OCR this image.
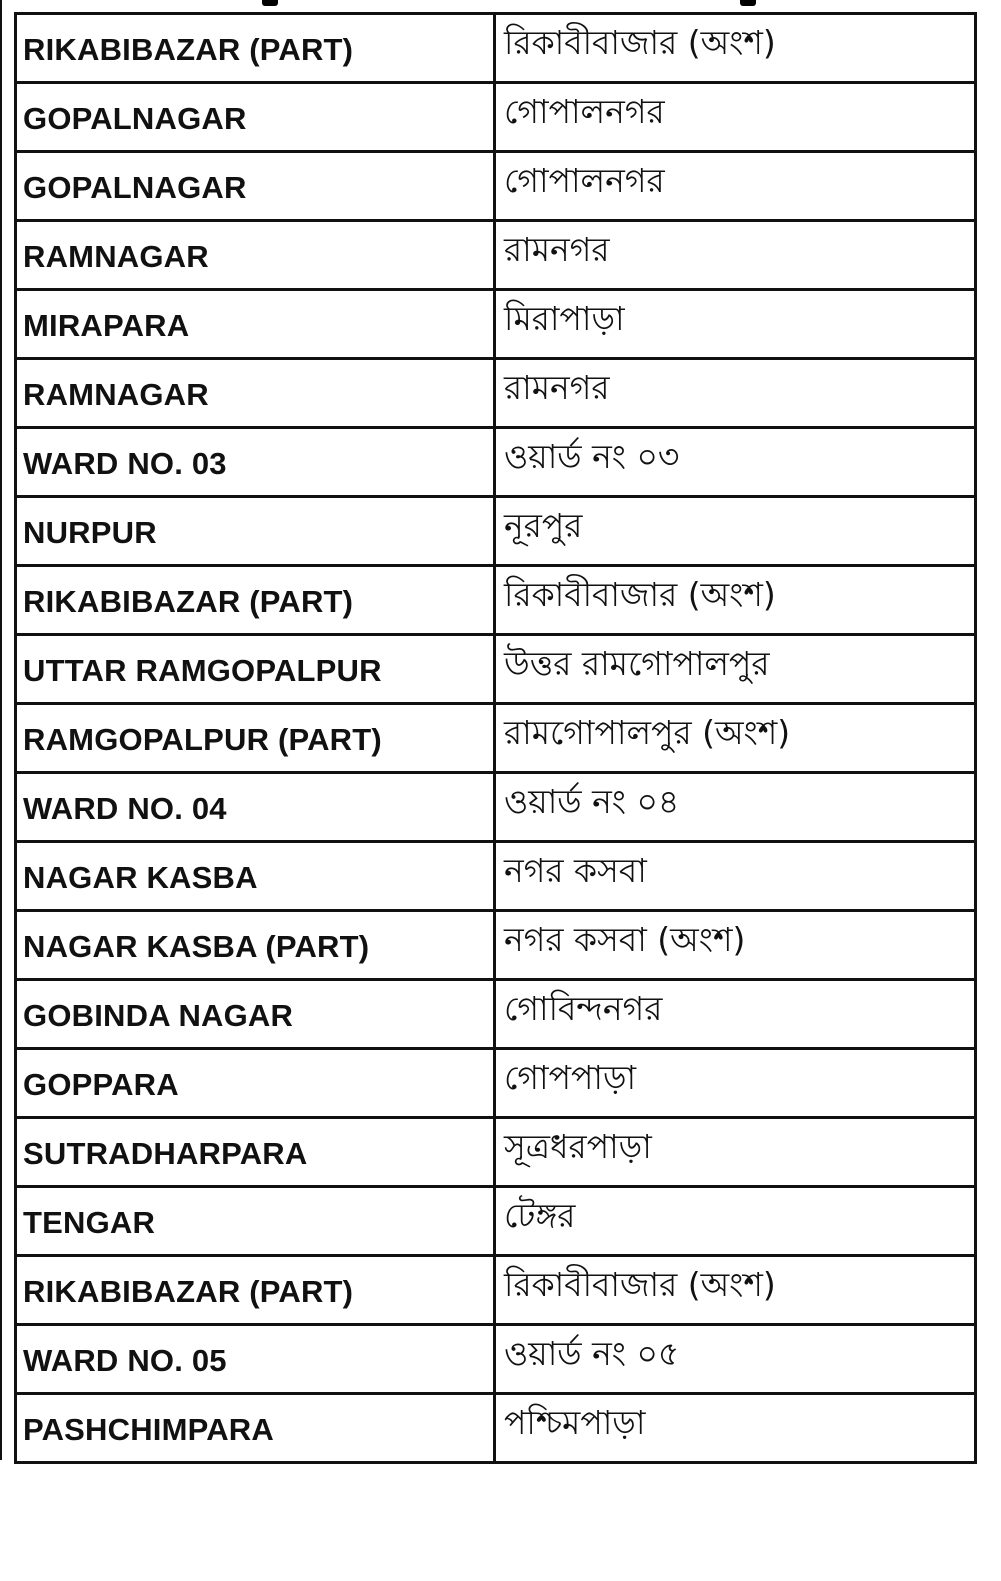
RIKABIBAZAR (PART)	রিকাবীবাজার (অংশ)
GOPALNAGAR	গোপালনগর
GOPALNAGAR	গোপালনগর
RAMNAGAR	রামনগর
MIRAPARA	মিরাপাড়া
RAMNAGAR	রামনগর
WARD NO. 03	ওয়ার্ড নং ০৩
NURPUR	নূরপুর
RIKABIBAZAR (PART)	রিকাবীবাজার (অংশ)
UTTAR RAMGOPALPUR	উত্তর রামগোপালপুর
RAMGOPALPUR (PART)	রামগোপালপুর (অংশ)
WARD NO. 04	ওয়ার্ড নং ০৪
NAGAR KASBA	নগর কসবা
NAGAR KASBA (PART)	নগর কসবা (অংশ)
GOBINDA NAGAR	গোবিন্দনগর
GOPPARA	গোপপাড়া
SUTRADHARPARA	সূত্রধরপাড়া
TENGAR	টেঙ্গর
RIKABIBAZAR (PART)	রিকাবীবাজার (অংশ)
WARD NO. 05	ওয়ার্ড নং ০৫
PASHCHIMPARA	পশ্চিমপাড়া
